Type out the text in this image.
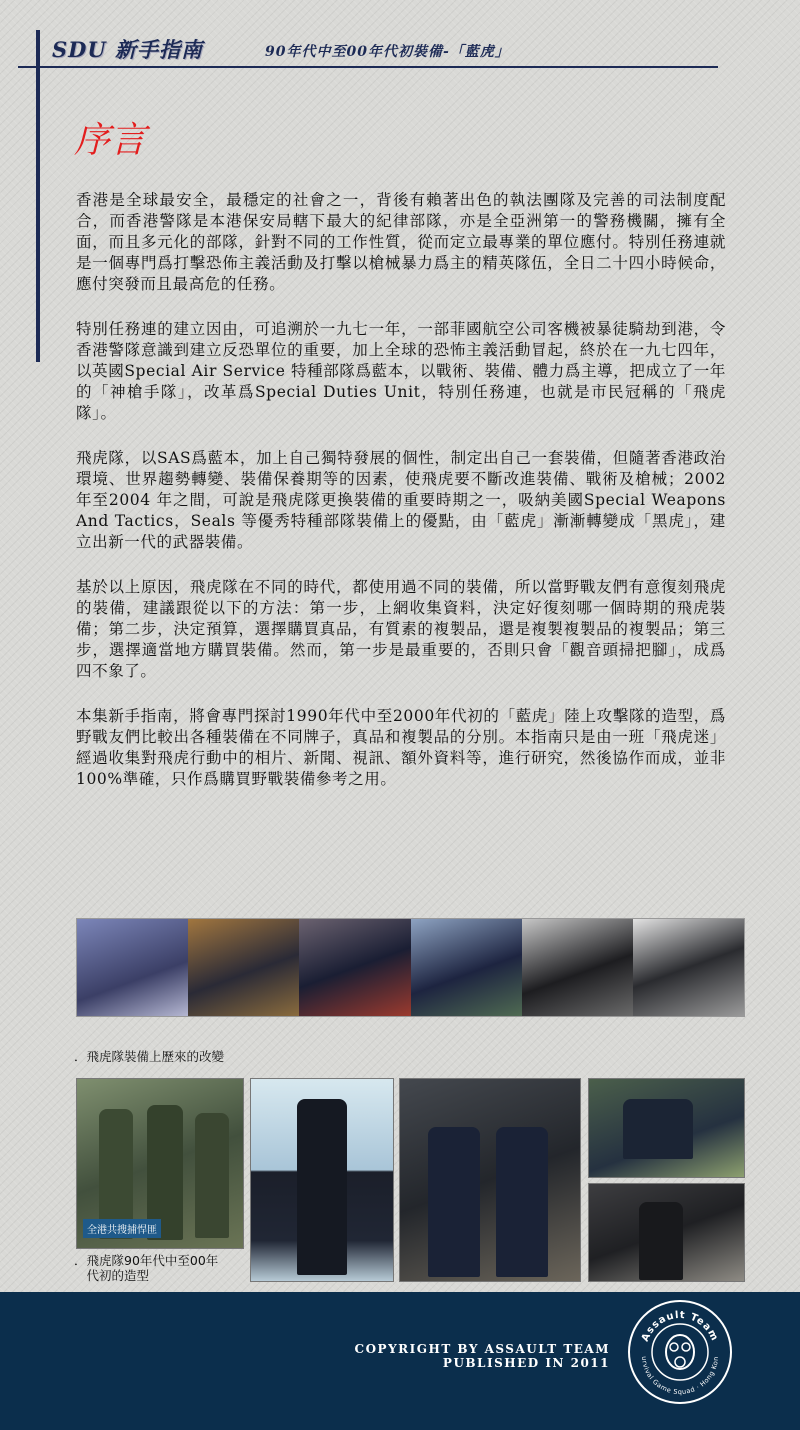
SDU 新手指南	90年代中至00年代初裝備-「藍虎」
序言

香港是全球最安全，最穩定的社會之一，背後有賴著出色的執法團隊及完善的司法制度配合，而香港警隊是本港保安局轄下最大的紀律部隊，亦是全亞洲第一的警務機關，擁有全面，而且多元化的部隊，針對不同的工作性質，從而定立最專業的單位應付。特別任務連就是一個專門爲打擊恐佈主義活動及打擊以槍械暴力爲主的精英隊伍，全日二十四小時候命，應付突發而且最高危的任務。

特別任務連的建立因由，可追溯於一九七一年，一部菲國航空公司客機被暴徒騎劫到港，令香港警隊意識到建立反恐單位的重要，加上全球的恐怖主義活動冒起，終於在一九七四年，以英國Special Air Service 特種部隊爲藍本，以戰術、裝備、體力爲主導，把成立了一年的「神槍手隊」，改革爲Special Duties Unit，特別任務連，也就是市民冠稱的「飛虎隊」。

飛虎隊，以SAS爲藍本，加上自己獨特發展的個性，制定出自己一套裝備，但隨著香港政治環境、世界趨勢轉變、裝備保養期等的因素，使飛虎要不斷改進裝備、戰術及槍械；2002年至2004 年之間，可說是飛虎隊更換裝備的重要時期之一，吸納美國Special Weapons And Tactics，Seals 等優秀特種部隊裝備上的優點，由「藍虎」漸漸轉變成「黑虎」，建立出新一代的武器裝備。

基於以上原因，飛虎隊在不同的時代，都使用過不同的裝備，所以當野戰友們有意復刻飛虎的裝備，建議跟從以下的方法：第一步，上網收集資料，決定好復刻哪一個時期的飛虎裝備；第二步，決定預算，選擇購買真品，有質素的複製品，還是複製複製品的複製品；第三步，選擇適當地方購買裝備。然而，第一步是最重要的，否則只會「觀音頭掃把腳」，成爲四不象了。

本集新手指南，將會專門探討1990年代中至2000年代初的「藍虎」陸上攻擊隊的造型，爲野戰友們比較出各種裝備在不同牌子，真品和複製品的分別。本指南只是由一班「飛虎迷」經過收集對飛虎行動中的相片、新聞、視訊、額外資料等，進行研究，然後協作而成，並非100%準確，只作爲購買野戰裝備參考之用。

．飛虎隊裝備上歷來的改變
全港共搜捕悍匪
．飛虎隊90年代中至00年
　代初的造型
COPYRIGHT BY ASSAULT TEAM
PUBLISHED IN 2011
Assault Team
urvival Game Squad · Hong Kon
